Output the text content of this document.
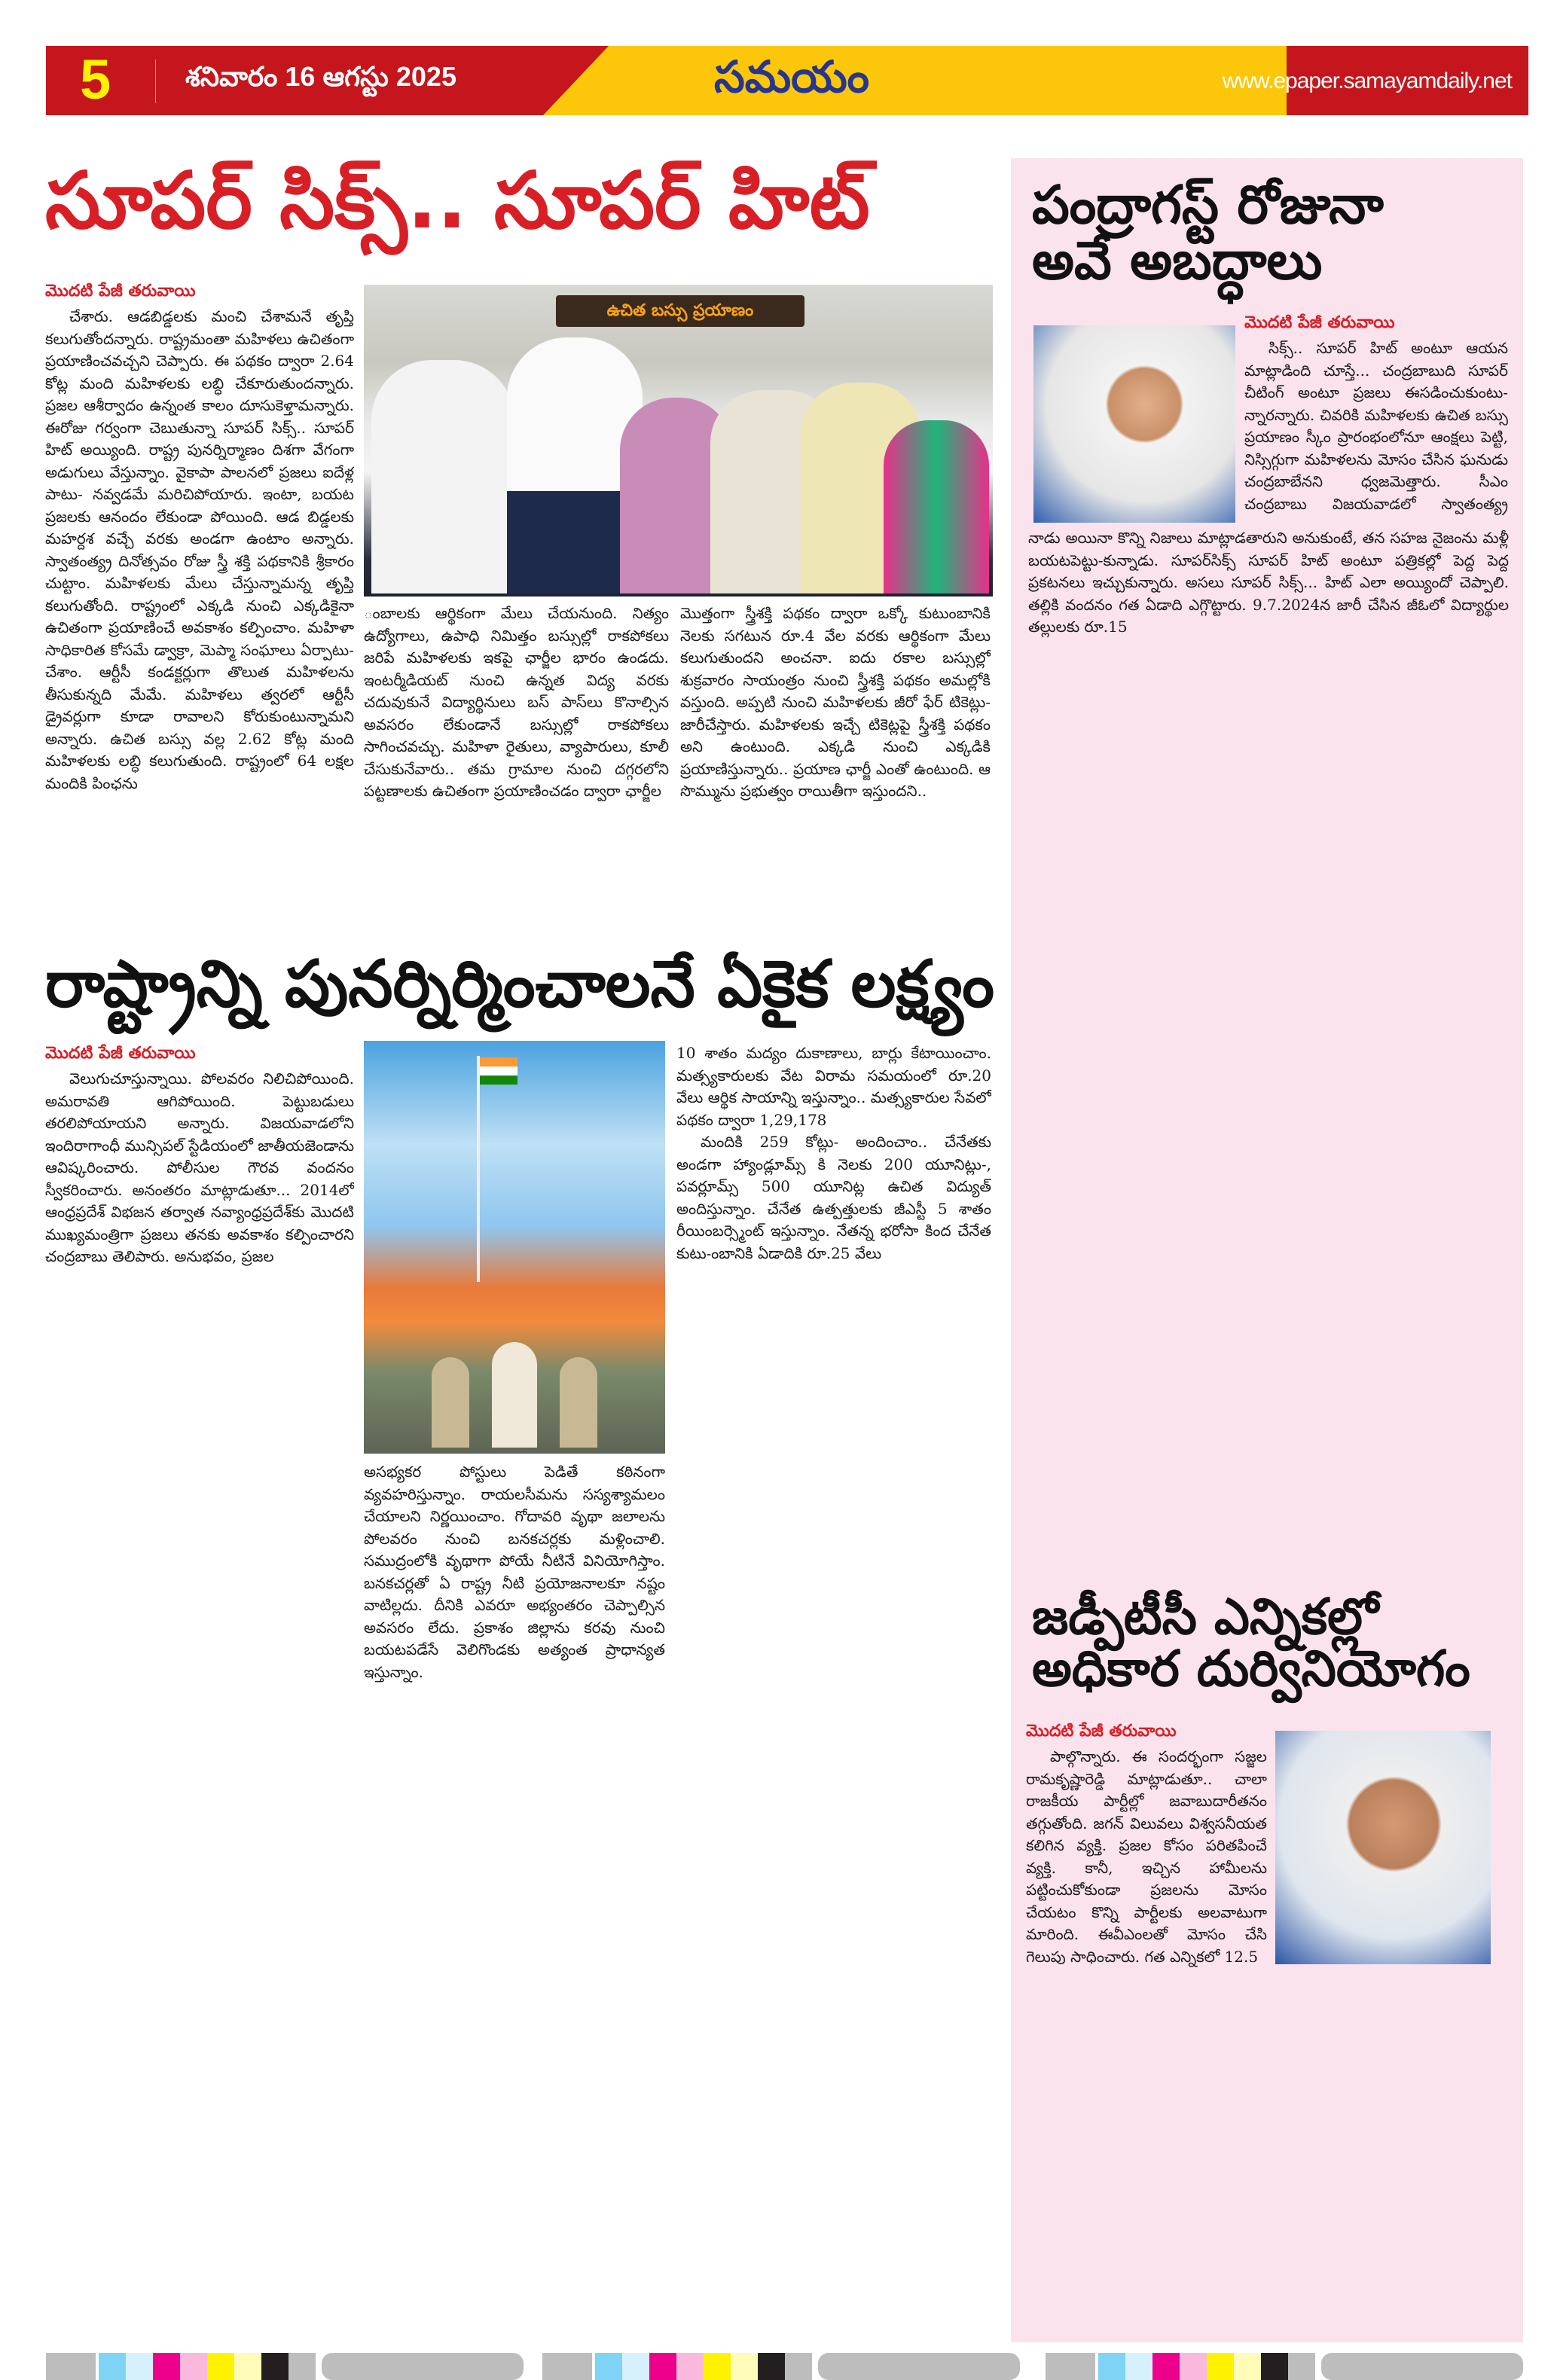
5	శనివారం 16 ఆగస్టు 2025	సమయం	www.epaper.samayamdaily.net
సూపర్ సిక్స్.. సూపర్ హిట్
మొదటి పేజీ తరువాయి

చేశారు. ఆడబిడ్డలకు మంచి చేశామనే తృప్తి కలుగుతోందన్నారు. రాష్ట్రమంతా మహిళలు ఉచితంగా ప్రయాణించవచ్చని చెప్పారు. ఈ పథకం ద్వారా 2.64 కోట్ల మంది మహిళలకు లబ్ధి చేకూరుతుందన్నారు. ప్రజల ఆశీర్వాదం ఉన్నంత కాలం దూసుకెళ్తామన్నారు. ఈరోజు గర్వంగా చెబుతున్నా సూపర్ సిక్స్.. సూపర్ హిట్ అయ్యింది. రాష్ట్ర పునర్నిర్మాణం దిశగా వేగంగా అడుగులు వేస్తున్నాం. వైకాపా పాలనలో ప్రజలు ఐదేళ్ల పాటు- నవ్వడమే మరిచిపోయారు. ఇంటా, బయట ప్రజలకు ఆనందం లేకుండా పోయింది. ఆడ బిడ్డలకు మహర్దశ వచ్చే వరకు అండగా ఉంటాం అన్నారు. స్వాతంత్య్ర దినోత్సవం రోజు స్త్రీ శక్తి పథకానికి శ్రీకారం చుట్టాం. మహిళలకు మేలు చేస్తున్నామన్న తృప్తి కలుగుతోంది. రాష్ట్రంలో ఎక్కడి నుంచి ఎక్కడికైనా ఉచితంగా ప్రయాణించే అవకాశం కల్పించాం. మహిళా సాధికారిత కోసమే డ్వాక్రా, మెప్మా సంఘాలు ఏర్పాటు- చేశాం. ఆర్టీసీ కండక్టర్లుగా తొలుత మహిళలను తీసుకున్నది మేమే. మహిళలు త్వరలో ఆర్టీసీ డ్రైవర్లుగా కూడా రావాలని కోరుకుంటున్నామని అన్నారు. ఉచిత బస్సు వల్ల 2.62 కోట్ల మంది మహిళలకు లబ్ధి కలుగుతుంది. రాష్ట్రంలో 64 లక్షల మందికి పింఛను

ఉచిత బస్సు ప్రయాణం

ంబాలకు ఆర్థికంగా మేలు చేయనుంది. నిత్యం ఉద్యోగాలు, ఉపాధి నిమిత్తం బస్సుల్లో రాకపోకలు జరిపే మహిళలకు ఇకపై ఛార్జీల భారం ఉండదు. ఇంటర్మీడియట్ నుంచి ఉన్నత విద్య వరకు చదువుకునే విద్యార్థినులు బస్ పాస్‌లు కొనాల్సిన అవసరం లేకుండానే బస్సుల్లో రాకపోకలు సాగించవచ్చు. మహిళా రైతులు, వ్యాపారులు, కూలీ చేసుకునేవారు.. తమ గ్రామాల నుంచి దగ్గరలోని పట్టణాలకు ఉచితంగా ప్రయాణించడం ద్వారా ఛార్జీల

మొత్తంగా స్త్రీశక్తి పథకం ద్వారా ఒక్కో కుటుంబానికి నెలకు సగటున రూ.4 వేల వరకు ఆర్థికంగా మేలు కలుగుతుందని అంచనా. ఐదు రకాల బస్సుల్లో శుక్రవారం సాయంత్రం నుంచి స్త్రీశక్తి పథకం అమల్లోకి వస్తుంది. అప్పటి నుంచి మహిళలకు జీరో ఫేర్ టికెట్లు- జారీచేస్తారు. మహిళలకు ఇచ్చే టికెట్లపై స్త్రీశక్తి పథకం అని ఉంటుంది. ఎక్కడి నుంచి ఎక్కడికి ప్రయాణిస్తున్నారు.. ప్రయాణ ఛార్జీ ఎంతో ఉంటుంది. ఆ సొమ్మును ప్రభుత్వం రాయితీగా ఇస్తుందని..

రాష్ట్రాన్ని పునర్నిర్మించాలనే ఏకైక లక్ష్యం
మొదటి పేజీ తరువాయి

వెలుగుచూస్తున్నాయి. పోలవరం నిలిచిపోయింది. అమరావతి ఆగిపోయింది. పెట్టుబడులు తరలిపోయాయని అన్నారు. విజయవాడలోని ఇందిరాగాంధీ మున్సిపల్ స్టేడియంలో జాతీయజెండాను ఆవిష్కరించారు. పోలీసుల గౌరవ వందనం స్వీకరించారు. అనంతరం మాట్లాడుతూ... 2014లో ఆంధ్రప్రదేశ్ విభజన తర్వాత నవ్యాంధ్రప్రదేశ్‌కు మొదటి ముఖ్యమంత్రిగా ప్రజలు తనకు అవకాశం కల్పించారని చంద్రబాబు తెలిపారు. అనుభవం, ప్రజల

అసభ్యకర పోస్టులు పెడితే కఠినంగా వ్యవహరిస్తున్నాం. రాయలసీమను సస్యశ్యామలం చేయాలని నిర్ణయించాం. గోదావరి వృథా జలాలను పోలవరం నుంచి బనకచర్లకు మళ్లించాలి. సముద్రంలోకి వృథాగా పోయే నీటినే వినియోగిస్తాం. బనకచర్లతో ఏ రాష్ట్ర నీటి ప్రయోజనాలకూ నష్టం వాటిల్లదు. దీనికి ఎవరూ అభ్యంతరం చెప్పాల్సిన అవసరం లేదు. ప్రకాశం జిల్లాను కరవు నుంచి బయటపడేసే వెలిగొండకు అత్యంత ప్రాధాన్యత ఇస్తున్నాం.

10 శాతం మద్యం దుకాణాలు, బార్లు కేటాయించాం. మత్స్యకారులకు వేట విరామ సమయంలో రూ.20 వేలు ఆర్థిక సాయాన్ని ఇస్తున్నాం.. మత్స్యకారుల సేవలో పథకం ద్వారా 1,29,178

మందికి 259 కోట్లు- అందించాం.. చేనేతకు అండగా హ్యాండ్లూమ్స్ కి నెలకు 200 యూనిట్లు-, పవర్లూమ్స్ 500 యూనిట్ల ఉచిత విద్యుత్ అందిస్తున్నాం. చేనేత ఉత్పత్తులకు జీఎస్టీ 5 శాతం రీయింబర్స్మెంట్ ఇస్తున్నాం. నేతన్న భరోసా కింద చేనేత కుటు-ంబానికి ఏడాదికి రూ.25 వేలు

పంద్రాగస్ట్ రోజునా
అవే అబద్ధాలు
మొదటి పేజీ తరువాయి

సిక్స్.. సూపర్ హిట్ అంటూ ఆయన మాట్లాడింది చూస్తే... చంద్రబాబుది సూపర్ చీటింగ్ అంటూ ప్రజలు ఈసడించుకుంటు-న్నారన్నారు. చివరికి మహిళలకు ఉచిత బస్సు ప్రయాణం స్కీం ప్రారంభంలోనూ ఆంక్షలు పెట్టి, నిస్సిగ్గుగా మహిళలను మోసం చేసిన ఘనుడు చంద్రబాబేనని ధ్వజమెత్తారు. సీఎం చంద్రబాబు విజయవాడలో స్వాతంత్య్ర

నాడు అయినా కొన్ని నిజాలు మాట్లాడతారుని అనుకుంటే, తన సహజ నైజంను మళ్లీ బయటపెట్టు-కున్నాడు. సూపర్‌సిక్స్ సూపర్ హిట్ అంటూ పత్రికల్లో పెద్ద పెద్ద ప్రకటనలు ఇచ్చుకున్నారు. అసలు సూపర్ సిక్స్... హిట్ ఎలా అయ్యిందో చెప్పాలి. తల్లికి వందనం గత ఏడాది ఎగ్గొట్టారు. 9.7.2024న జారీ చేసిన జీఓలో విద్యార్థుల తల్లులకు రూ.15

జడ్పీటీసీ ఎన్నికల్లో
అధికార దుర్వినియోగం
మొదటి పేజీ తరువాయి

పాల్గొన్నారు. ఈ సందర్భంగా సజ్జల రామకృష్ణారెడ్డి మాట్లాడుతూ.. చాలా రాజకీయ పార్టీల్లో జవాబుదారీతనం తగ్గుతోంది. జగన్ విలువలు విశ్వసనీయత కలిగిన వ్యక్తి. ప్రజల కోసం పరితపించే వ్యక్తి. కానీ, ఇచ్చిన హామీలను పట్టించుకోకుండా ప్రజలను మోసం చేయటం కొన్ని పార్టీలకు అలవాటుగా మారింది. ఈవీఎంలతో మోసం చేసి గెలుపు సాధించారు. గత ఎన్నికలో 12.5
